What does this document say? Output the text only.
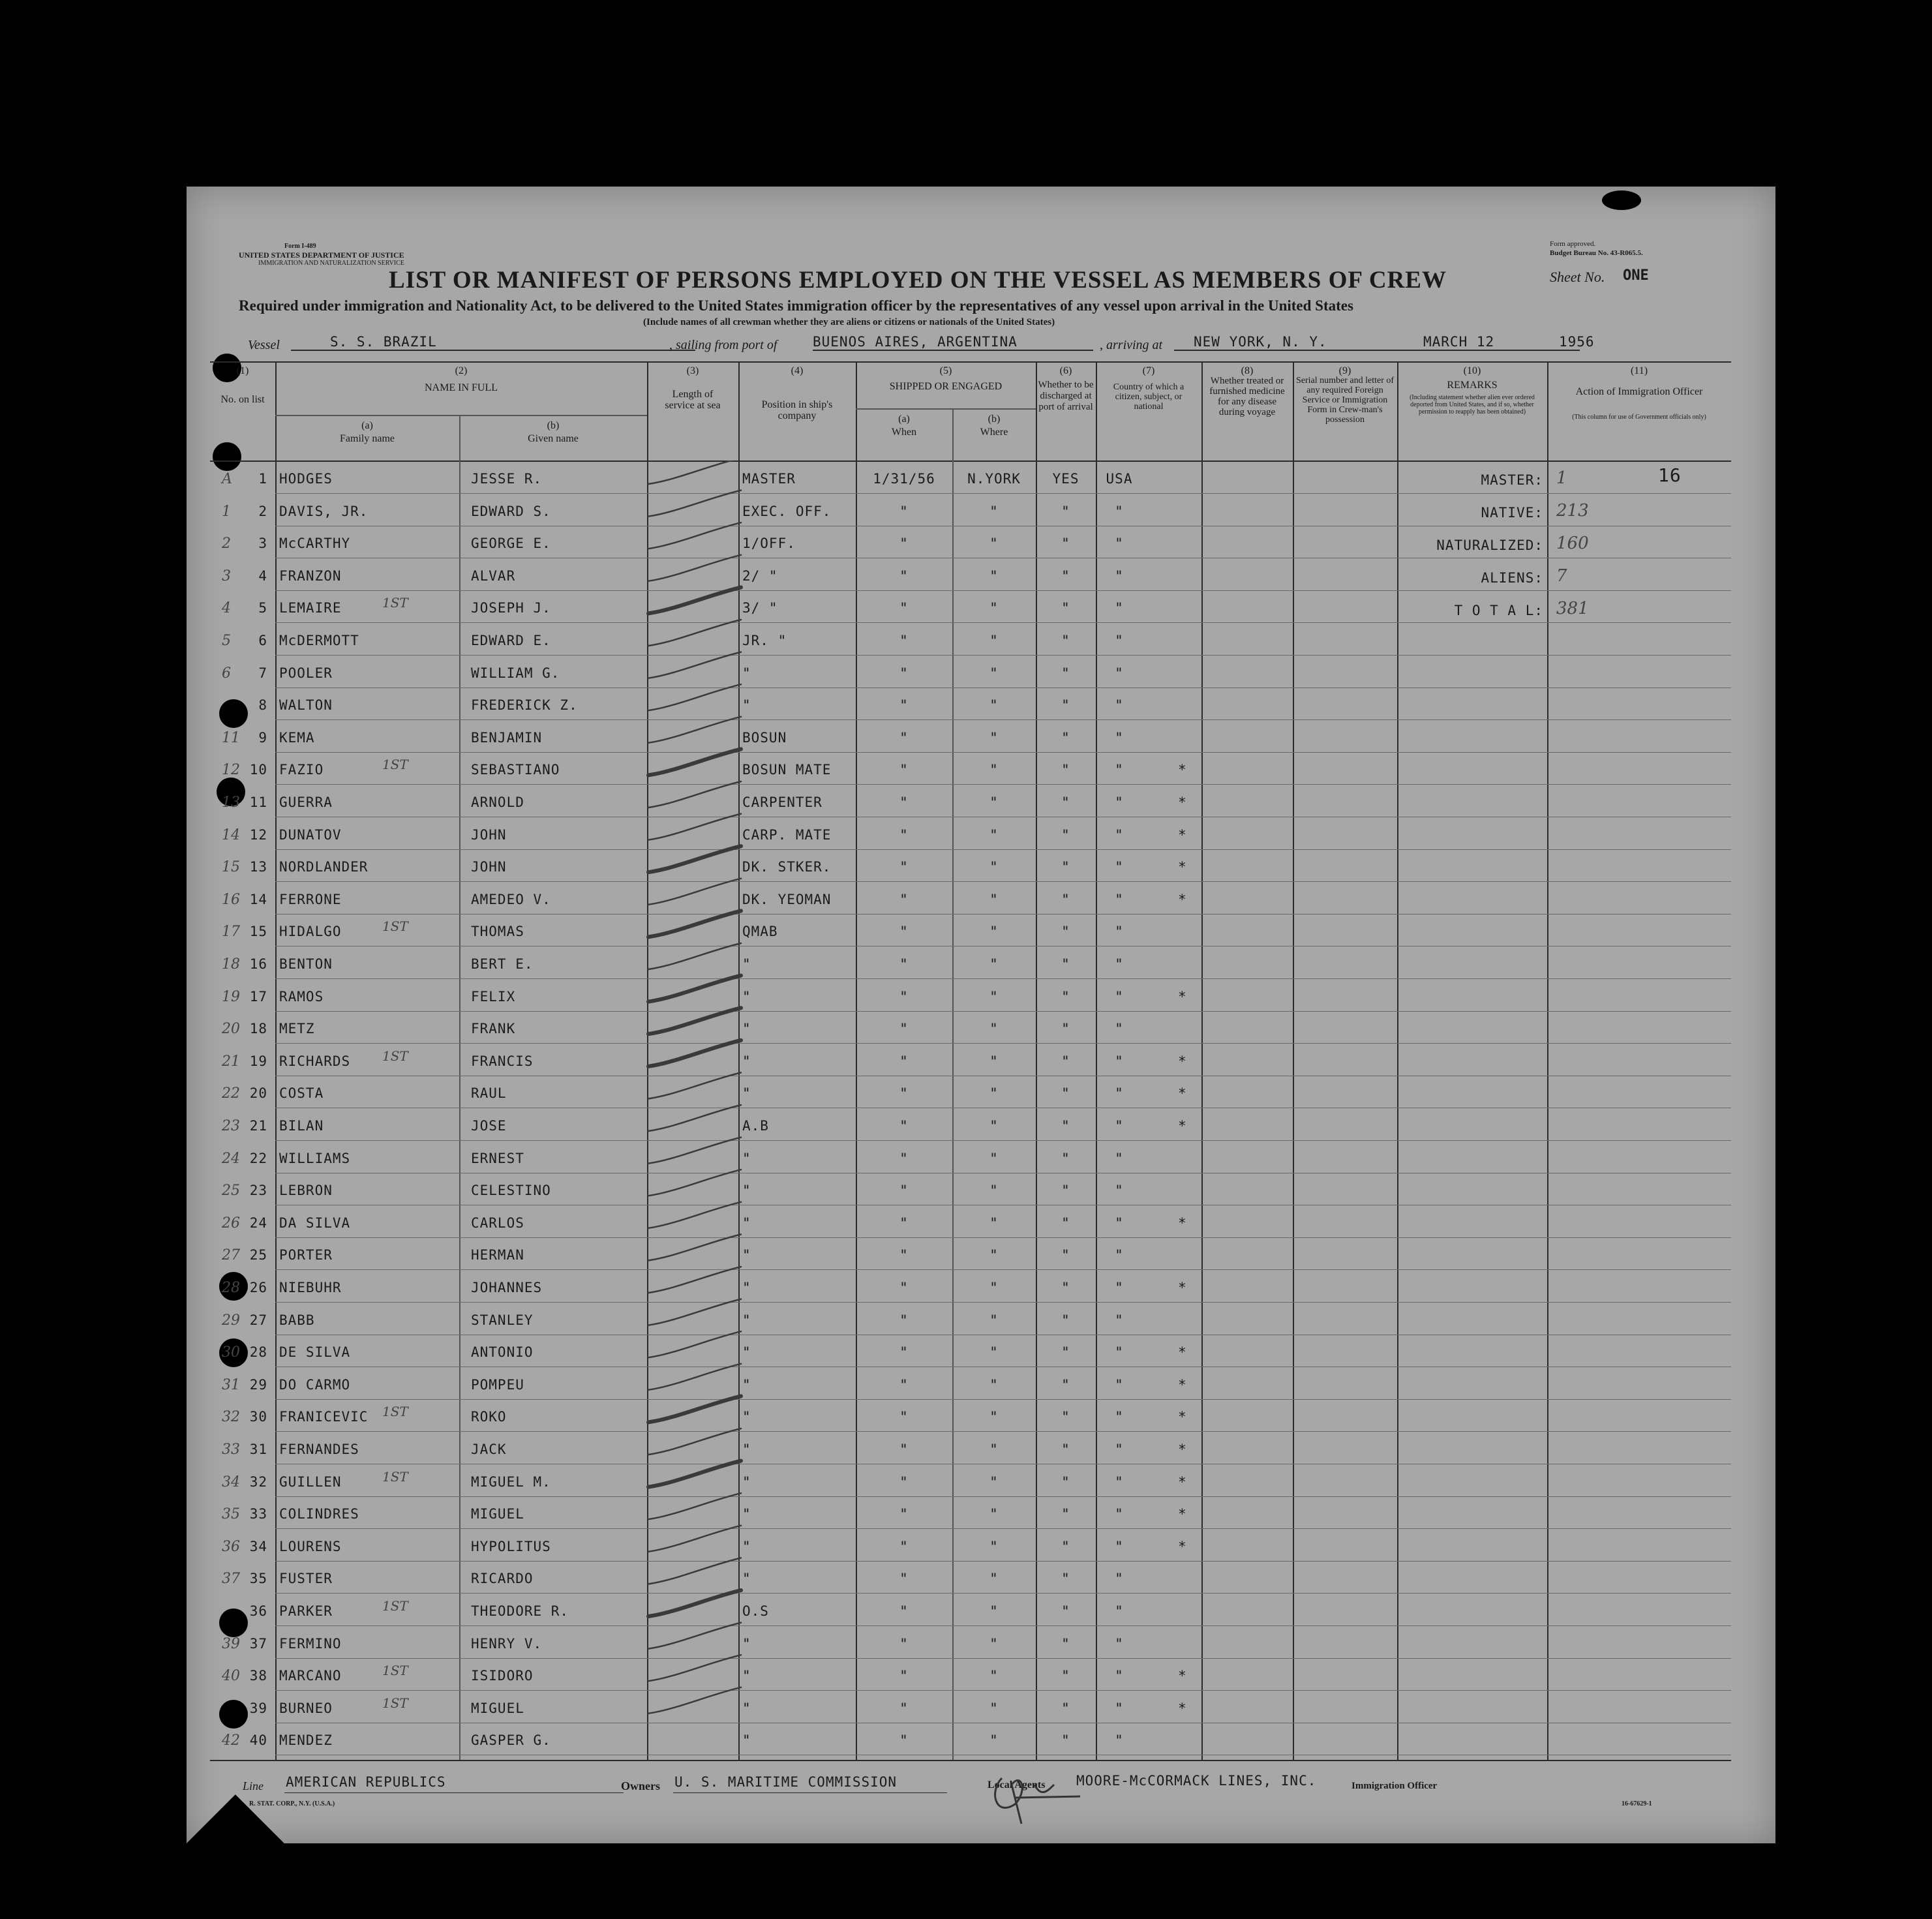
Form I-489
UNITED STATES DEPARTMENT OF JUSTICE
IMMIGRATION AND NATURALIZATION SERVICE
Form approved.
Budget Bureau No. 43-R065.5.
Sheet No. ONE
LIST OR MANIFEST OF PERSONS EMPLOYED ON THE VESSEL AS MEMBERS OF CREW
Required under immigration and Nationality Act, to be delivered to the United States immigration officer by the representatives of any vessel upon arrival in the United States
(Include names of all crewman whether they are aliens or citizens or nationals of the United States)
Vessel	S. S. BRAZIL	, sailing from port of	BUENOS AIRES, ARGENTINA	, arriving at	NEW YORK, N. Y.	MARCH 12	1956
(1)
No. on list
(2)
NAME IN FULL
(a)
Family name
(b)
Given name
(3)
Length of service at sea
(4)
Position in ship's company
(5)
SHIPPED OR ENGAGED
(a)
When
(b)
Where
(6)
Whether to be discharged at port of arrival
(7)
Country of which a citizen, subject, or national
(8)
Whether treated or furnished medicine for any disease during voyage
(9)
Serial number and letter of any required Foreign Service or Immigration Form in Crew-man's possession
(10)
REMARKS
(Including statement whether alien ever ordered deported from United States, and if so, whether permission to reapply has been obtained)
(11)
Action of Immigration Officer
(This column for use of Government officials only)
A	1 HODGES	JESSE R.	MASTER	1/31/56	N.YORK	YES	USA
1	2 DAVIS, JR.	EDWARD S.	EXEC. OFF.	"	"	"	"
2	3 McCARTHY	GEORGE E.	1/OFF.	"	"	"	"
3	4 FRANZON	ALVAR	2/ "	"	"	"	"
4	5 LEMAIRE	1ST	JOSEPH J.	3/ "	"	"	"	"
5	6 McDERMOTT	EDWARD E.	JR. "	"	"	"	"
6	7 POOLER	WILLIAM G.	"	"	"	"	"
8 WALTON	FREDERICK Z.	"	"	"	"	"
11	9 KEMA	BENJAMIN	BOSUN	"	"	"	"
12 10 FAZIO	1ST	SEBASTIANO	BOSUN MATE	"	"	"	"	*
13 11 GUERRA	ARNOLD	CARPENTER	"	"	"	"	*
14 12 DUNATOV	JOHN	CARP. MATE	"	"	"	"	*
15 13 NORDLANDER	JOHN	DK. STKER.	"	"	"	"	*
16 14 FERRONE	AMEDEO V.	DK. YEOMAN	"	"	"	"	*
17 15 HIDALGO	1ST	THOMAS	QMAB	"	"	"	"
18 16 BENTON	BERT E.	"	"	"	"	"
19 17 RAMOS	FELIX	"	"	"	"	"	*
20 18 METZ	FRANK	"	"	"	"	"
21 19 RICHARDS 1ST	FRANCIS	"	"	"	"	"	*
22 20 COSTA	RAUL	"	"	"	"	"	*
23 21 BILAN	JOSE	A.B	"	"	"	"	*
24 22 WILLIAMS	ERNEST	"	"	"	"	"
25 23 LEBRON	CELESTINO	"	"	"	"	"
26 24 DA SILVA	CARLOS	"	"	"	"	"	*
27 25 PORTER	HERMAN	"	"	"	"	"
28 26 NIEBUHR	JOHANNES	"	"	"	"	"	*
29 27 BABB	STANLEY	"	"	"	"	"
30 28 DE SILVA	ANTONIO	"	"	"	"	"	*
31 29 DO CARMO	POMPEU	"	"	"	"	"	*
32 30 FRANICEVIC 1ST	ROKO	"	"	"	"	"	*
33 31 FERNANDES	JACK	"	"	"	"	"	*
34 32 GUILLEN	1ST	MIGUEL M.	"	"	"	"	"	*
35 33 COLINDRES	MIGUEL	"	"	"	"	"	*
36 34 LOURENS	HYPOLITUS	"	"	"	"	"	*
37 35 FUSTER	RICARDO	"	"	"	"	"
36 PARKER	1ST	THEODORE R.	O.S	"	"	"	"
39 37 FERMINO	HENRY V.	"	"	"	"	"
40 38 MARCANO	1ST	ISIDORO	"	"	"	"	"	*
39 BURNEO	1ST	MIGUEL	"	"	"	"	"	*
42 40 MENDEZ	GASPER G.	"	"	"	"	"
MASTER: 1	16
NATIVE: 213
NATURALIZED: 160
ALIENS: 7
T O T A L: 381
Line AMERICAN REPUBLICS	Owners U. S. MARITIME COMMISSION	Local Agents MOORE-McCORMACK LINES, INC.	Immigration Officer
R. STAT. CORP., N.Y. (U.S.A.)	16-67629-1
